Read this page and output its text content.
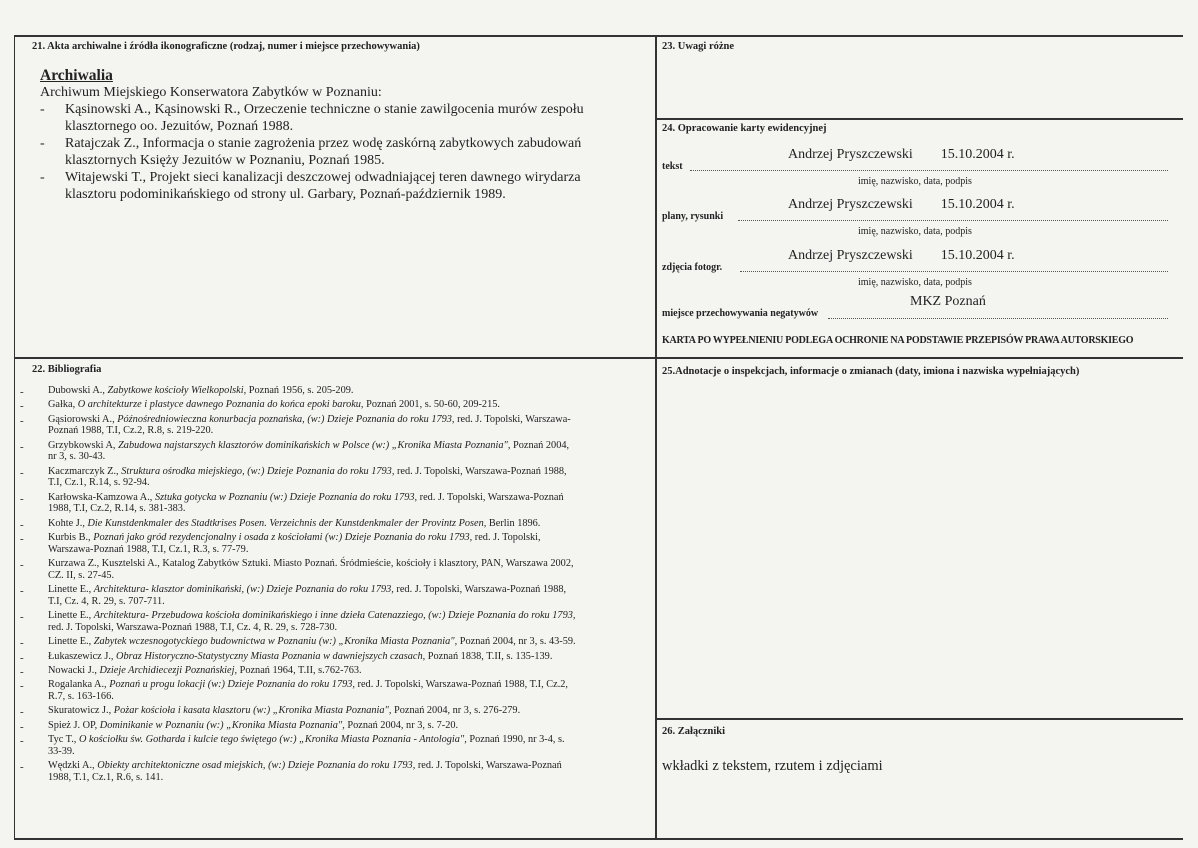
21. Akta archiwalne i źródła ikonograficzne (rodzaj, numer i miejsce przechowywania)
Archiwalia
Archiwum Miejskiego Konserwatora Zabytków w Poznaniu:
- Kąsinowski A., Kąsinowski R., Orzeczenie techniczne o stanie zawilgocenia murów zespołu
klasztornego oo. Jezuitów, Poznań 1988.
- Ratajczak Z., Informacja o stanie zagrożenia przez wodę zaskórną zabytkowych zabudowań
klasztornych Księży Jezuitów w Poznaniu, Poznań 1985.
- Witajewski T., Projekt sieci kanalizacji deszczowej odwadniającej teren dawnego wirydarza
klasztoru podominikańskiego od strony ul. Garbary, Poznań-październik 1989.
22. Bibliografia
- Dubowski A., Zabytkowe kościoły Wielkopolski, Poznań 1956, s. 205-209.
- Gałka, O architekturze i plastyce dawnego Poznania do końca epoki baroku, Poznań 2001, s. 50-60, 209-215.
- Gąsiorowski A., Późnośredniowieczna konurbacja poznańska, (w:) Dzieje Poznania do roku 1793, red. J. Topolski, Warszawa-
Poznań 1988, T.I, Cz.2, R.8, s. 219-220.
- Grzybkowski A, Zabudowa najstarszych klasztorów dominikańskich w Polsce (w:) „Kronika Miasta Poznania", Poznań 2004,
nr 3, s. 30-43.
- Kaczmarczyk Z., Struktura ośrodka miejskiego, (w:) Dzieje Poznania do roku 1793, red. J. Topolski, Warszawa-Poznań 1988,
T.I, Cz.1, R.14, s. 92-94.
- Karłowska-Kamzowa A., Sztuka gotycka w Poznaniu (w:) Dzieje Poznania do roku 1793, red. J. Topolski, Warszawa-Poznań
1988, T.I, Cz.2, R.14, s. 381-383.
- Kohte J., Die Kunstdenkmaler des Stadtkrises Posen. Verzeichnis der Kunstdenkmaler der Provintz Posen, Berlin 1896.
- Kurbis B., Poznań jako gród rezydencjonalny i osada z kościołami (w:) Dzieje Poznania do roku 1793, red. J. Topolski,
Warszawa-Poznań 1988, T.I, Cz.1, R.3, s. 77-79.
- Kurzawa Z., Kusztelski A., Katalog Zabytków Sztuki. Miasto Poznań. Śródmieście, kościoły i klasztory, PAN, Warszawa 2002,
CZ. II, s. 27-45.
- Linette E., Architektura- klasztor dominikański, (w:) Dzieje Poznania do roku 1793, red. J. Topolski, Warszawa-Poznań 1988,
T.I, Cz. 4, R. 29, s. 707-711.
- Linette E., Architektura- Przebudowa kościoła dominikańskiego i inne dzieła Catenazziego, (w:) Dzieje Poznania do roku 1793,
red. J. Topolski, Warszawa-Poznań 1988, T.I, Cz. 4, R. 29, s. 728-730.
- Linette E., Zabytek wczesnogotyckiego budownictwa w Poznaniu (w:) „Kronika Miasta Poznania", Poznań 2004, nr 3, s. 43-59.
- Łukaszewicz J., Obraz Historyczno-Statystyczny Miasta Poznania w dawniejszych czasach, Poznań 1838, T.II, s. 135-139.
- Nowacki J., Dzieje Archidiecezji Poznańskiej, Poznań 1964, T.II, s.762-763.
- Rogalanka A., Poznań u progu lokacji (w:) Dzieje Poznania do roku 1793, red. J. Topolski, Warszawa-Poznań 1988, T.I, Cz.2,
R.7, s. 163-166.
- Skuratowicz J., Pożar kościoła i kasata klasztoru (w:) „Kronika Miasta Poznania", Poznań 2004, nr 3, s. 276-279.
- Spież J. OP, Dominikanie w Poznaniu (w:) „Kronika Miasta Poznania", Poznań 2004, nr 3, s. 7-20.
- Tyc T., O kościołku św. Gotharda i kulcie tego świętego (w:) „Kronika Miasta Poznania - Antologia", Poznań 1990, nr 3-4, s.
33-39.
- Wędzki A., Obiekty architektoniczne osad miejskich, (w:) Dzieje Poznania do roku 1793, red. J. Topolski, Warszawa-Poznań
1988, T.1, Cz.1, R.6, s. 141.
23. Uwagi różne
24. Opracowanie karty ewidencyjnej
Andrzej Pryszczewski        15.10.2004 r.
tekst
imię, nazwisko, data, podpis
Andrzej Pryszczewski        15.10.2004 r.
plany, rysunki
imię, nazwisko, data, podpis
Andrzej Pryszczewski        15.10.2004 r.
zdjęcia fotogr.
imię, nazwisko, data, podpis
miejsce przechowywania negatywów
MKZ Poznań
KARTA PO WYPEŁNIENIU PODLEGA OCHRONIE NA PODSTAWIE PRZEPISÓW PRAWA AUTORSKIEGO
25.Adnotacje o inspekcjach, informacje o zmianach (daty, imiona i nazwiska wypełniających)
26. Załączniki
wkładki z tekstem, rzutem i zdjęciami
